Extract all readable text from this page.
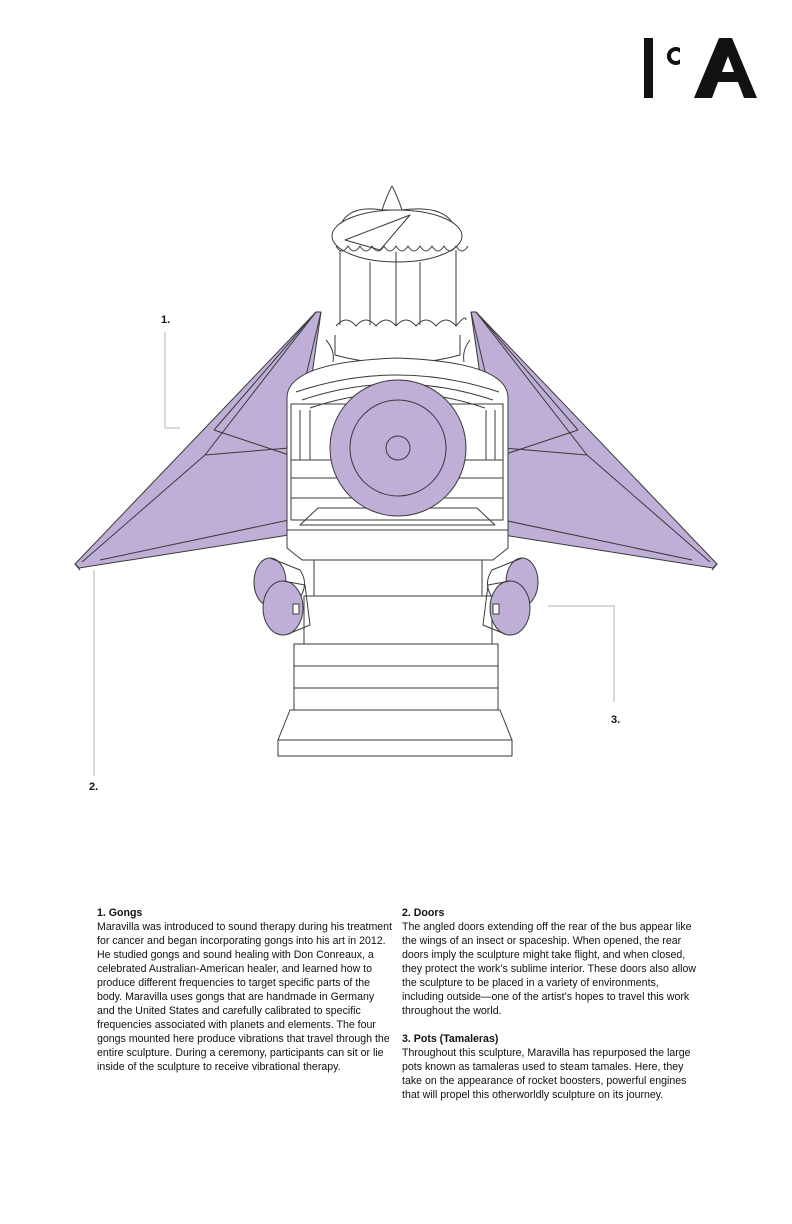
1.
2.
3.

1. Gongs

Maravilla was introduced to sound therapy during his treatment for cancer and began incorporating gongs into his art in 2012. He studied gongs and sound healing with Don Conreaux, a celebrated Australian-American healer, and learned how to produce different frequencies to target specific parts of the body. Maravilla uses gongs that are handmade in Germany and the United States and carefully calibrated to specific frequencies associated with planets and elements. The four gongs mounted here produce vibrations that travel through the entire sculpture. During a ceremony, participants can sit or lie inside of the sculpture to receive vibrational therapy.

2. Doors

The angled doors extending off the rear of the bus appear like the wings of an insect or spaceship. When opened, the rear doors imply the sculpture might take flight, and when closed, they protect the work’s sublime interior. These doors also allow the sculpture to be placed in a variety of environments, including outside—one of the artist’s hopes to travel this work throughout the world.

3. Pots (Tamaleras)

Throughout this sculpture, Maravilla has repurposed the large pots known as tamaleras used to steam tamales. Here, they take on the appearance of rocket boosters, powerful engines that will propel this otherworldly sculpture on its journey.
